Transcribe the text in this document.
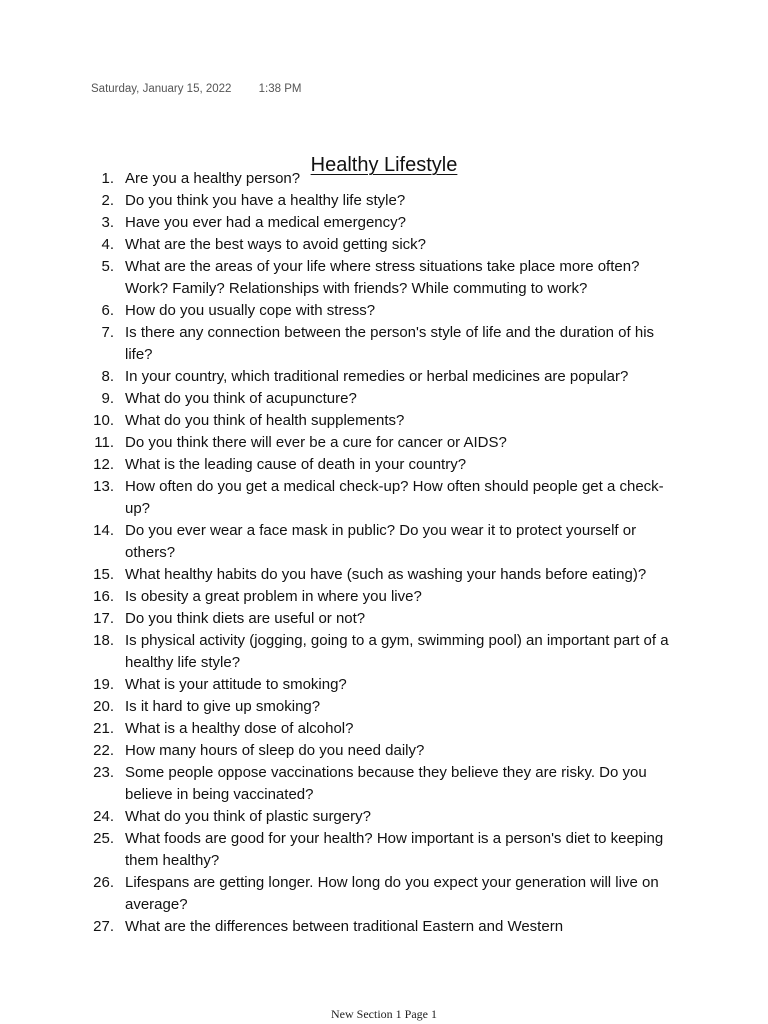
Saturday, January 15, 2022 1:38 PM
Healthy Lifestyle
1. Are you a healthy person?
2. Do you think you have a healthy life style?
3. Have you ever had a medical emergency?
4. What are the best ways to avoid getting sick?
5. What are the areas of your life where stress situations take place more often? Work? Family? Relationships with friends? While commuting to work?
6. How do you usually cope with stress?
7. Is there any connection between the person's style of life and the duration of his life?
8. In your country, which traditional remedies or herbal medicines are popular?
9. What do you think of acupuncture?
10. What do you think of health supplements?
11. Do you think there will ever be a cure for cancer or AIDS?
12. What is the leading cause of death in your country?
13. How often do you get a medical check-up? How often should people get a check-up?
14. Do you ever wear a face mask in public? Do you wear it to protect yourself or others?
15. What healthy habits do you have (such as washing your hands before eating)?
16. Is obesity a great problem in where you live?
17. Do you think diets are useful or not?
18. Is physical activity (jogging, going to a gym, swimming pool) an important part of a healthy life style?
19. What is your attitude to smoking?
20. Is it hard to give up smoking?
21. What is a healthy dose of alcohol?
22. How many hours of sleep do you need daily?
23. Some people oppose vaccinations because they believe they are risky. Do you believe in being vaccinated?
24. What do you think of plastic surgery?
25. What foods are good for your health? How important is a person's diet to keeping them healthy?
26. Lifespans are getting longer. How long do you expect your generation will live on average?
27. What are the differences between traditional Eastern and Western
New Section 1 Page 1
